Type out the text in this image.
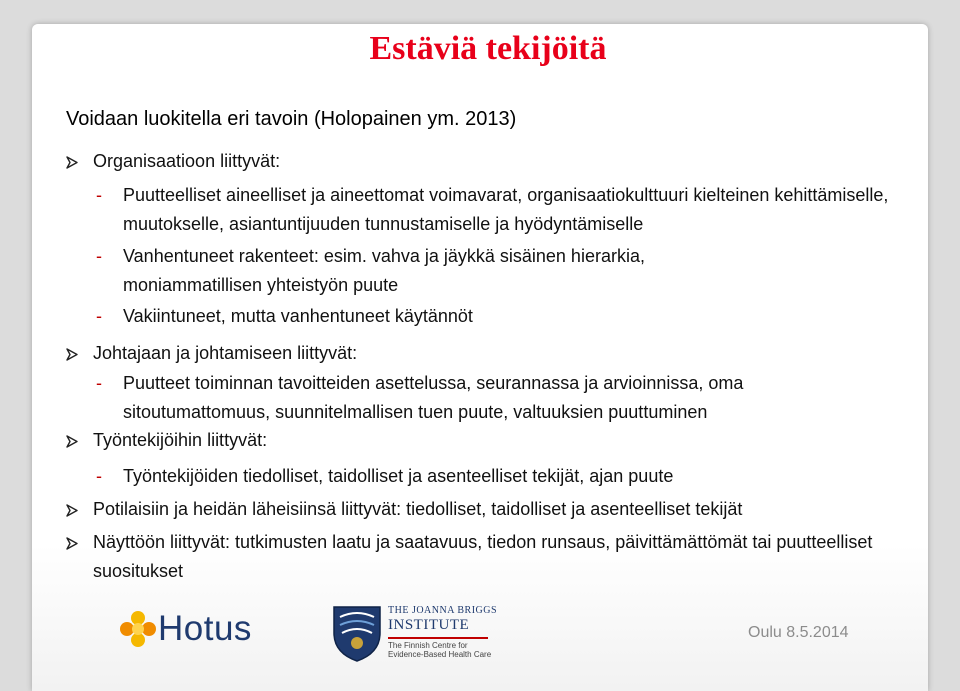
Estäviä tekijöitä
Voidaan luokitella eri tavoin (Holopainen ym. 2013)
Organisaatioon liittyvät:
- Puutteelliset aineelliset ja aineettomat voimavarat, organisaatiokulttuuri kielteinen kehittämiselle, muutokselle, asiantuntijuuden tunnustamiselle ja hyödyntämiselle
- Vanhentuneet rakenteet: esim. vahva ja jäykkä sisäinen hierarkia, moniammatillisen yhteistyön puute
- Vakiintuneet, mutta vanhentuneet käytännöt
Johtajaan ja johtamiseen liittyvät:
- Puutteet toiminnan tavoitteiden asettelussa, seurannassa ja arvioinnissa, oma sitoutumattomuus, suunnitelmallisen tuen puute, valtuuksien puuttuminen
Työntekijöihin liittyvät:
- Työntekijöiden tiedolliset, taidolliset ja asenteelliset tekijät, ajan puute
Potilaisiin ja heidän läheisiinsä liittyvät: tiedolliset, taidolliset ja asenteelliset tekijät
Näyttöön liittyvät: tutkimusten laatu ja saatavuus, tiedon runsaus, päivittämättömät tai puutteelliset suositukset
Hotus	THE JOANNA BRIGGS
INSTITUTE
The Finnish Centre for
Evidence-Based Health Care
Oulu 8.5.2014
